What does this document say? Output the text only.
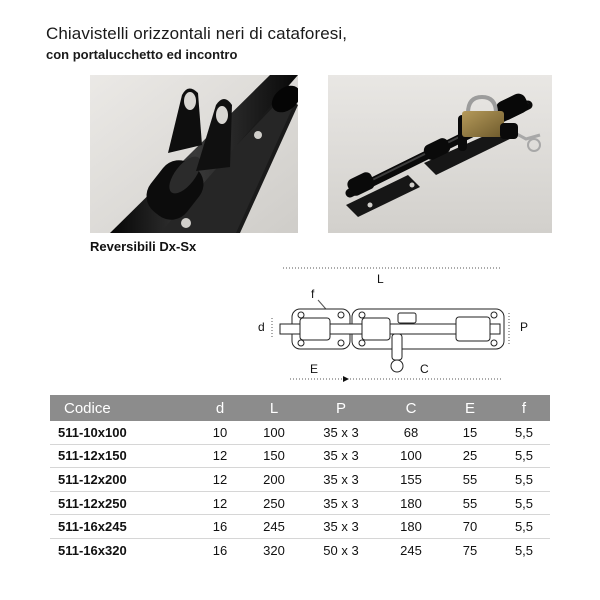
Chiavistelli orizzontali neri di cataforesi,
con portalucchetto ed incontro
Reversibili Dx-Sx
L
f
d	P
E	C
Codice	d	L	P	C	E	f
511-10x100	10	100	35 x 3	68	15	5,5
511-12x150	12	150	35 x 3	100	25	5,5
511-12x200	12	200	35 x 3	155	55	5,5
511-12x250	12	250	35 x 3	180	55	5,5
511-16x245	16	245	35 x 3	180	70	5,5
511-16x320	16	320	50 x 3	245	75	5,5
